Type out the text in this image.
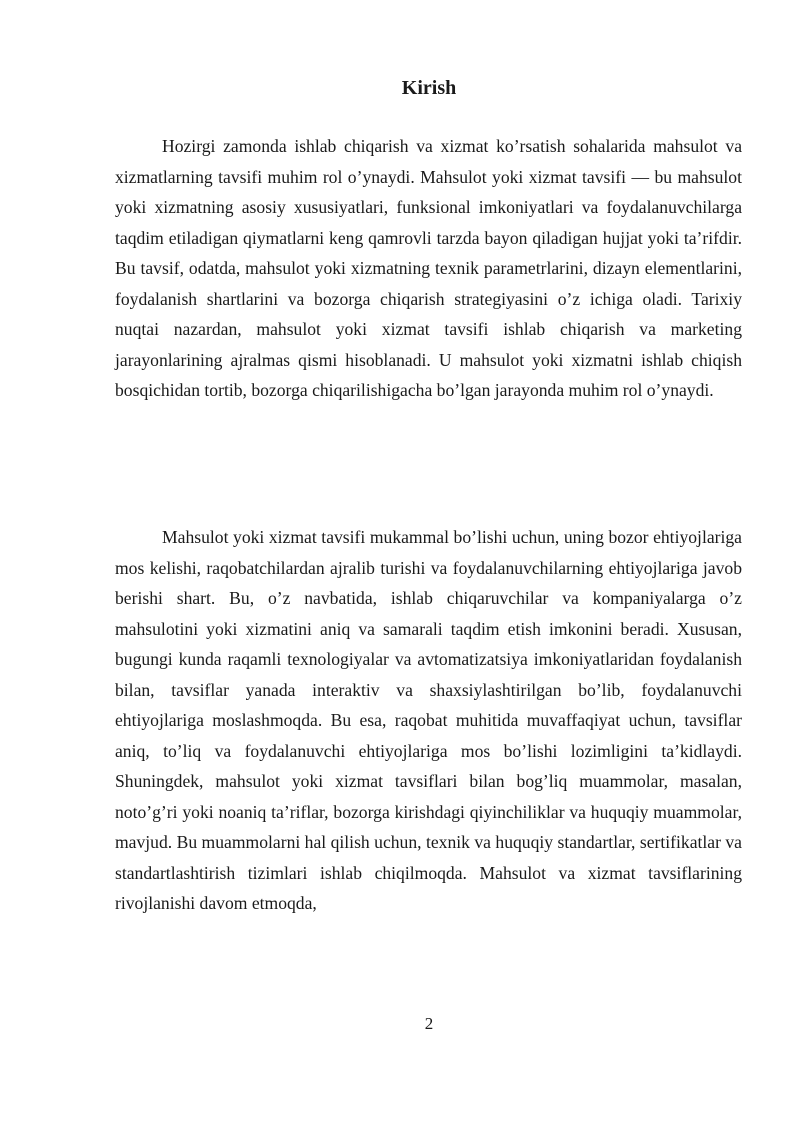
Kirish

Hozirgi zamonda ishlab chiqarish va xizmat ko’rsatish sohalarida mahsulot va xizmatlarning tavsifi muhim rol o’ynaydi. Mahsulot yoki xizmat tavsifi — bu mahsulot yoki xizmatning asosiy xususiyatlari, funksional imkoniyatlari va foydalanuvchilarga taqdim etiladigan qiymatlarni keng qamrovli tarzda bayon qiladigan hujjat yoki ta’rifdir. Bu tavsif, odatda, mahsulot yoki xizmatning texnik parametrlarini, dizayn elementlarini, foydalanish shartlarini va bozorga chiqarish strategiyasini o’z ichiga oladi. Tarixiy nuqtai nazardan, mahsulot yoki xizmat tavsifi ishlab chiqarish va marketing jarayonlarining ajralmas qismi hisoblanadi. U mahsulot yoki xizmatni ishlab chiqish bosqichidan tortib, bozorga chiqarilishigacha bo’lgan jarayonda muhim rol o’ynaydi.

Mahsulot yoki xizmat tavsifi mukammal bo’lishi uchun, uning bozor ehtiyojlariga mos kelishi, raqobatchilardan ajralib turishi va foydalanuvchilarning ehtiyojlariga javob berishi shart. Bu, o’z navbatida, ishlab chiqaruvchilar va kompaniyalarga o’z mahsulotini yoki xizmatini aniq va samarali taqdim etish imkonini beradi. Xususan, bugungi kunda raqamli texnologiyalar va avtomatizatsiya imkoniyatlaridan foydalanish bilan, tavsiflar yanada interaktiv va shaxsiylashtirilgan bo’lib, foydalanuvchi ehtiyojlariga moslashmoqda. Bu esa, raqobat muhitida muvaffaqiyat uchun, tavsiflar aniq, to’liq va foydalanuvchi ehtiyojlariga mos bo’lishi lozimligini ta’kidlaydi. Shuningdek, mahsulot yoki xizmat tavsiflari bilan bog’liq muammolar, masalan, noto’g’ri yoki noaniq ta’riflar, bozorga kirishdagi qiyinchiliklar va huquqiy muammolar, mavjud. Bu muammolarni hal qilish uchun, texnik va huquqiy standartlar, sertifikatlar va standartlashtirish tizimlari ishlab chiqilmoqda. Mahsulot va xizmat tavsiflarining rivojlanishi davom etmoqda,

2
